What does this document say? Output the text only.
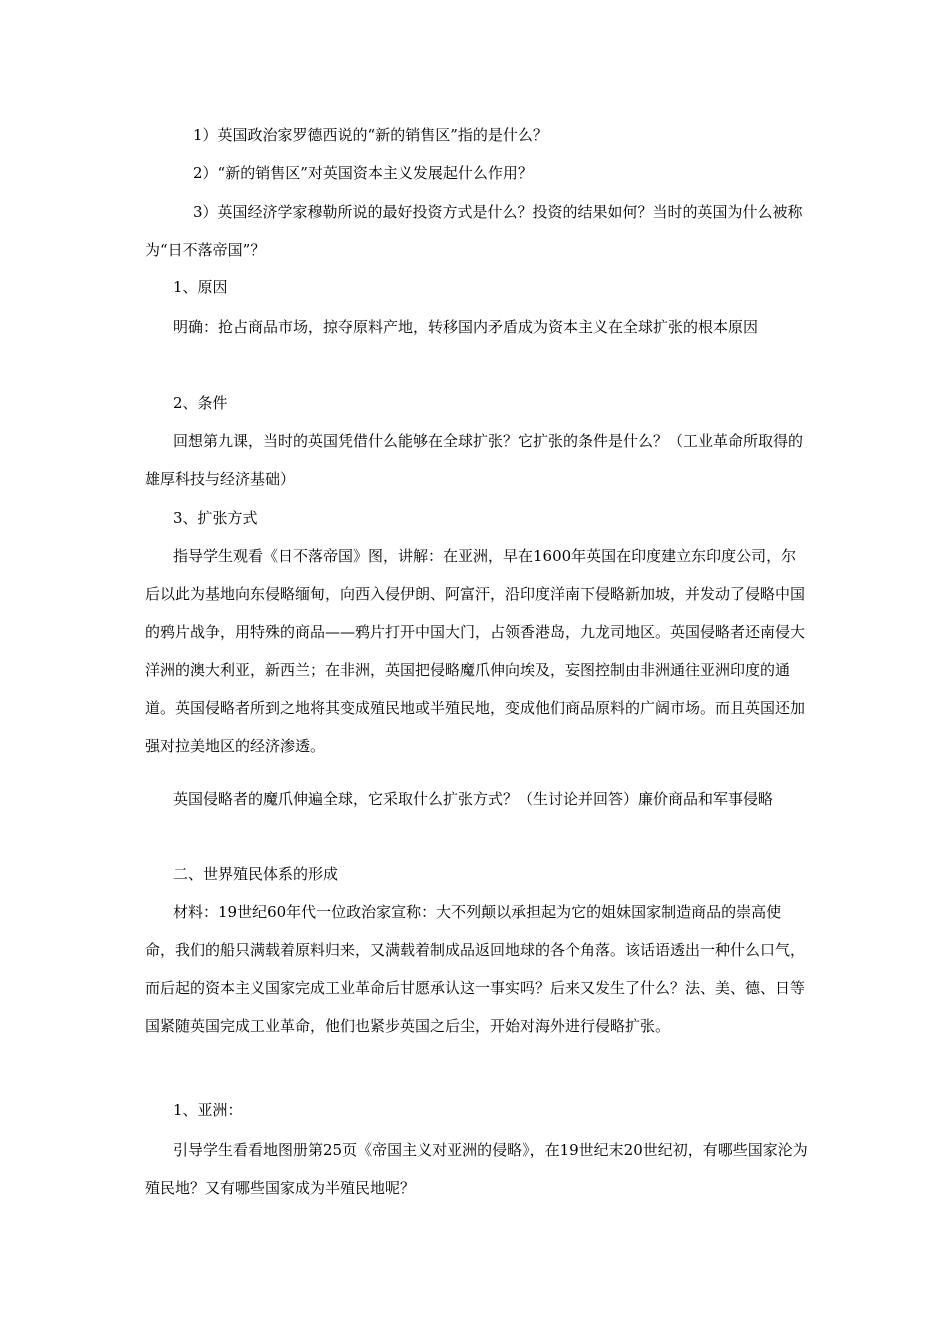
1）英国政治家罗德西说的“新的销售区”指的是什么？

2）“新的销售区”对英国资本主义发展起什么作用？

3）英国经济学家穆勒所说的最好投资方式是什么？投资的结果如何？当时的英国为什么被称为“日不落帝国”？

1、原因

明确：抢占商品市场，掠夺原料产地，转移国内矛盾成为资本主义在全球扩张的根本原因

2、条件

回想第九课，当时的英国凭借什么能够在全球扩张？它扩张的条件是什么？（工业革命所取得的雄厚科技与经济基础）

3、扩张方式

指导学生观看《日不落帝国》图，讲解：在亚洲，早在1600年英国在印度建立东印度公司，尔后以此为基地向东侵略缅甸，向西入侵伊朗、阿富汗，沿印度洋南下侵略新加坡，并发动了侵略中国的鸦片战争，用特殊的商品——鸦片打开中国大门，占领香港岛，九龙司地区。英国侵略者还南侵大洋洲的澳大利亚，新西兰；在非洲，英国把侵略魔爪伸向埃及，妄图控制由非洲通往亚洲印度的通道。英国侵略者所到之地将其变成殖民地或半殖民地，变成他们商品原料的广阔市场。而且英国还加强对拉美地区的经济渗透。

英国侵略者的魔爪伸遍全球，它采取什么扩张方式？（生讨论并回答）廉价商品和军事侵略

二、世界殖民体系的形成

材料：19世纪60年代一位政治家宣称：大不列颠以承担起为它的姐妹国家制造商品的崇高使命，我们的船只满载着原料归来，又满载着制成品返回地球的各个角落。该话语透出一种什么口气，而后起的资本主义国家完成工业革命后甘愿承认这一事实吗？后来又发生了什么？法、美、德、日等国紧随英国完成工业革命，他们也紧步英国之后尘，开始对海外进行侵略扩张。

1、亚洲：

引导学生看看地图册第25页《帝国主义对亚洲的侵略》，在19世纪末20世纪初，有哪些国家沦为殖民地？又有哪些国家成为半殖民地呢？
